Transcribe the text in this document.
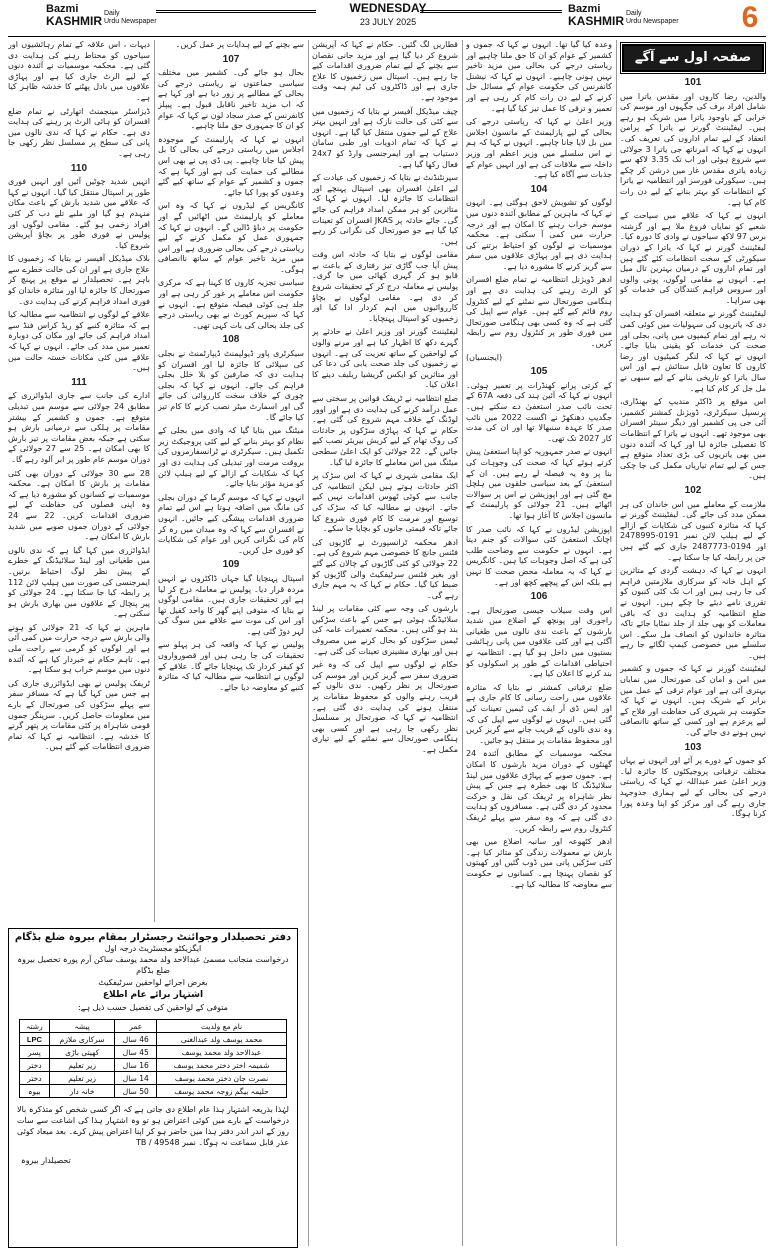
Bazmi
KASHMIR
Daily
Urdu Newspaper
WEDNESDAY
23 JULY 2025
Bazmi
KASHMIR
Daily
Urdu Newspaper 6
صفحہ اول سے آگے
101

والدین، رضا کاروں اور مقدس یاترا میں شامل افراد برف کی جگہوں اور موسم کی خرابی کے باوجود یاترا میں شریک ہو رہے ہیں۔ لیفٹیننٹ گورنر نے یاترا کے پرامن انعقاد کے لیے تمام اداروں کی تعریف کی۔ انہوں نے کہا کہ امرناتھ جی یاترا 3 جولائی سے شروع ہوئی اور اب تک 3.35 لاکھ سے زیادہ یاتری مقدس غار میں درشن کر چکے ہیں۔ سیکورٹی فورسز اور انتظامیہ نے یاترا کے انتظامات کو بہتر بنانے کے لیے دن رات کام کیا ہے۔

انہوں نے کہا کہ علاقے میں سیاحت کے شعبے کو نمایاں فروغ ملا ہے اور گزشتہ برس 97 لاکھ سیاحوں نے وادی کا دورہ کیا۔ لیفٹیننٹ گورنر نے کہا کہ یاترا کے دوران سیکورٹی کے سخت انتظامات کئے گئے ہیں اور تمام اداروں کے درمیان بہترین تال میل ہے۔ انہوں نے مقامی لوگوں، پونی والوں اور سروس فراہم کنندگان کی خدمات کو بھی سراہا۔

لیفٹیننٹ گورنر نے متعلقہ افسران کو ہدایت دی کہ یاتریوں کی سہولیات میں کوئی کمی نہ رہے اور تمام کیمپوں میں پانی، بجلی اور صحت کی خدمات کو یقینی بنایا جائے۔ انہوں نے کہا کہ لنگر کمیٹیوں اور رضا کاروں کا تعاون قابل ستائش ہے اور اس سال یاترا کو تاریخی بنانے کے لیے سبھی نے مل جل کر کام کیا ہے۔

اس موقع پر ڈاکٹر مندیپ کے بھنڈاری، پرنسپل سیکرٹری، ڈویژنل کمشنر کشمیر، آئی جی پی کشمیر اور دیگر سینئر افسران بھی موجود تھے۔ انہوں نے یاترا کے انتظامات کا تفصیلی جائزہ لیا اور کہا کہ آئندہ دنوں میں بھی یاتریوں کی بڑی تعداد متوقع ہے جس کے لیے تمام تیاریاں مکمل کی جا چکی ہیں۔

102

ملازمت کے معاملے میں اس خاندان کی ہر ممکن مدد کی جائے گی۔ لیفٹیننٹ گورنر نے کہا کہ متاثرہ کنبوں کی شکایات کے ازالے کے لیے ہیلپ لائن نمبر 0191-2478995 اور 0194-2487773 جاری کیے گئے ہیں جن پر رابطہ کیا جا سکتا ہے۔

انہوں نے کہا کہ دہشت گردی کے متاثرین کے اہل خانہ کو سرکاری ملازمتیں فراہم کی جا رہی ہیں اور اب تک کئی کنبوں کو تقرری نامے دیئے جا چکے ہیں۔ انہوں نے ضلع انتظامیہ کو ہدایت دی کہ باقی معاملات کو بھی جلد از جلد نمٹایا جائے تاکہ متاثرہ خاندانوں کو انصاف مل سکے۔ اس سلسلے میں خصوصی کیمپ لگائے جا رہے ہیں۔

لیفٹیننٹ گورنر نے کہا کہ جموں و کشمیر میں امن و امان کی صورتحال میں نمایاں بہتری آئی ہے اور عوام ترقی کے عمل میں برابر کے شریک ہیں۔ انہوں نے کہا کہ حکومت ہر شہری کی حفاظت اور فلاح کے لیے پرعزم ہے اور کسی کے ساتھ ناانصافی نہیں ہونے دی جائے گی۔

103

کو جموں کے دورے پر آئے اور انہوں نے یہاں مختلف ترقیاتی پروجیکٹوں کا جائزہ لیا۔ وزیر اعلیٰ عمر عبداللہ نے کہا کہ ریاستی درجے کی بحالی کے لیے ہماری جدوجہد جاری رہے گی اور مرکز کو اپنا وعدہ پورا کرنا ہوگا۔

وعدہ کیا گیا تھا۔ انہوں نے کہا کہ جموں و کشمیر کے عوام کو ان کا حق ملنا چاہیے اور ریاستی درجے کی بحالی میں مزید تاخیر نہیں ہونی چاہیے۔ انہوں نے کہا کہ نیشنل کانفرنس کی حکومت عوام کے مسائل حل کرنے کے لیے دن رات کام کر رہی ہے اور تعمیر و ترقی کا عمل تیز کیا گیا ہے۔

وزیر اعلیٰ نے کہا کہ ریاستی درجے کی بحالی کے لیے پارلیمنٹ کے مانسون اجلاس میں بل لایا جانا چاہیے۔ انہوں نے کہا کہ ہم نے اس سلسلے میں وزیر اعظم اور وزیر داخلہ سے ملاقات کی ہے اور انہیں عوام کے جذبات سے آگاہ کیا ہے۔

104

لوگوں کو تشویش لاحق ہوگئی ہے۔ انہوں نے کہا کہ ماہرین کے مطابق آئندہ دنوں میں موسم خراب رہنے کا امکان ہے اور درجہ حرارت میں کمی آ سکتی ہے۔ محکمہ موسمیات نے لوگوں کو احتیاط برتنے کی ہدایت دی ہے اور پہاڑی علاقوں میں سفر سے گریز کرنے کا مشورہ دیا ہے۔

ادھر ڈویژنل انتظامیہ نے تمام ضلع افسران کو الرٹ رہنے کی ہدایت دی ہے اور ہنگامی صورتحال سے نمٹنے کے لیے کنٹرول روم قائم کیے گئے ہیں۔ عوام سے اپیل کی گئی ہے کہ وہ کسی بھی ہنگامی صورتحال میں فوری طور پر کنٹرول روم سے رابطہ کریں۔

(ایجنسیاں)
105

کے کرتی پرانے کھنڈرات پر تعمیر ہوئی۔ انہوں نے کہا کہ آئین ہند کی دفعہ 67A کے تحت نائب صدر استعفیٰ دے سکتے ہیں۔ جگدیپ دھنکھڑ نے اگست 2022 میں نائب صدر کا عہدہ سنبھالا تھا اور ان کی مدت کار 2027 تک تھی۔

انہوں نے صدر جمہوریہ کو اپنا استعفیٰ پیش کرتے ہوئے کہا کہ صحت کی وجوہات کی بنا پر وہ یہ فیصلہ لے رہے ہیں۔ ان کے استعفیٰ کے بعد سیاسی حلقوں میں ہلچل مچ گئی ہے اور اپوزیشن نے اس پر سوالات اٹھائے ہیں۔ 21 جولائی کو پارلیمنٹ کے مانسون اجلاس کا آغاز ہوا تھا۔

اپوزیشن لیڈروں نے کہا کہ نائب صدر کا اچانک استعفیٰ کئی سوالات کو جنم دیتا ہے۔ انہوں نے حکومت سے وضاحت طلب کی ہے کہ اصل وجوہات کیا ہیں۔ کانگریس نے کہا کہ یہ معاملہ محض صحت کا نہیں ہے بلکہ اس کے پیچھے کچھ اور ہے۔

106

اس وقت سیلاب جیسی صورتحال ہے۔ راجوری اور پونچھ کے اضلاع میں شدید بارشوں کے باعث ندی نالوں میں طغیانی آگئی ہے اور کئی علاقوں میں پانی رہائشی بستیوں میں داخل ہو گیا ہے۔ انتظامیہ نے احتیاطی اقدامات کے طور پر اسکولوں کو بند کرنے کا اعلان کیا ہے۔

ضلع ترقیاتی کمشنر نے بتایا کہ متاثرہ علاقوں میں راحت رسانی کا کام جاری ہے اور ایس ڈی آر ایف کی ٹیمیں تعینات کی گئی ہیں۔ انہوں نے لوگوں سے اپیل کی کہ وہ ندی نالوں کے قریب جانے سے گریز کریں اور محفوظ مقامات پر منتقل ہو جائیں۔

محکمہ موسمیات کے مطابق آئندہ 24 گھنٹوں کے دوران مزید بارشوں کا امکان ہے۔ جموں صوبے کے پہاڑی علاقوں میں لینڈ سلائیڈنگ کا بھی خطرہ ہے جس کے پیش نظر شاہراہ پر ٹریفک کی نقل و حرکت محدود کر دی گئی ہے۔ مسافروں کو ہدایت دی گئی ہے کہ وہ سفر سے پہلے ٹریفک کنٹرول روم سے رابطہ کریں۔

ادھر کٹھوعہ اور سانبہ اضلاع میں بھی بارش نے معمولات زندگی کو متاثر کیا ہے۔ کئی سڑکیں پانی میں ڈوب گئیں اور کھیتوں کو نقصان پہنچا ہے۔ کسانوں نے حکومت سے معاوضہ کا مطالبہ کیا ہے۔

قطاریں لگ گئیں۔ حکام نے کہا کہ آپریشن شروع کر دیا گیا ہے اور مزید جانی نقصان سے بچنے کے لیے تمام ضروری اقدامات کیے جا رہے ہیں۔ اسپتال میں زخمیوں کا علاج جاری ہے اور ڈاکٹروں کی ٹیم ہمہ وقت موجود ہے۔

چیف میڈیکل آفیسر نے بتایا کہ زخمیوں میں سے کئی کی حالت نازک ہے اور انہیں بہتر علاج کے لیے جموں منتقل کیا گیا ہے۔ انہوں نے کہا کہ تمام ادویات اور طبی سامان دستیاب ہے اور ایمرجنسی وارڈ کو 24x7 فعال رکھا گیا ہے۔

سپرنٹنڈنٹ نے بتایا کہ زخمیوں کی عیادت کے لیے اعلیٰ افسران بھی اسپتال پہنچے اور انتظامات کا جائزہ لیا۔ انہوں نے کہا کہ متاثرین کو ہر ممکن امداد فراہم کی جائے گی۔ جائے حادثہ پر JKAS افسران کو تعینات کیا گیا ہے جو صورتحال کی نگرانی کر رہے ہیں۔

مقامی لوگوں نے بتایا کہ حادثہ اس وقت پیش آیا جب گاڑی تیز رفتاری کے باعث بے قابو ہو کر گہری کھائی میں جا گری۔ پولیس نے معاملہ درج کر کے تحقیقات شروع کر دی ہے۔ مقامی لوگوں نے بچاؤ کارروائیوں میں اہم کردار ادا کیا اور زخمیوں کو اسپتال پہنچایا۔

لیفٹیننٹ گورنر اور وزیر اعلیٰ نے حادثے پر گہرے دکھ کا اظہار کیا ہے اور مرنے والوں کے لواحقین کے ساتھ تعزیت کی ہے۔ انہوں نے زخمیوں کی جلد صحت یابی کی دعا کی اور متاثرین کو ایکس گریشیا ریلیف دینے کا اعلان کیا۔

ضلع انتظامیہ نے ٹریفک قوانین پر سختی سے عمل درآمد کرنے کی ہدایت دی ہے اور اوور لوڈنگ کے خلاف مہم شروع کی گئی ہے۔ حکام نے کہا کہ پہاڑی سڑکوں پر حادثات کی روک تھام کے لیے کریش بیریئر نصب کیے جائیں گے۔ 22 جولائی کو ایک اعلیٰ سطحی میٹنگ میں اس معاملے کا جائزہ لیا گیا۔

ایک مقامی شہری نے کہا کہ اس سڑک پر اکثر حادثات ہوتے ہیں لیکن انتظامیہ کی جانب سے کوئی ٹھوس اقدامات نہیں کیے جاتے۔ انہوں نے مطالبہ کیا کہ سڑک کی توسیع اور مرمت کا کام فوری شروع کیا جائے تاکہ قیمتی جانوں کو بچایا جا سکے۔

ادھر محکمہ ٹرانسپورٹ نے گاڑیوں کی فٹنس جانچ کا خصوصی مہم شروع کی ہے۔ 22 جولائی کو کئی گاڑیوں کے چالان کیے گئے اور بغیر فٹنس سرٹیفکیٹ والی گاڑیوں کو ضبط کیا گیا۔ حکام نے کہا کہ یہ مہم جاری رہے گی۔

بارشوں کی وجہ سے کئی مقامات پر لینڈ سلائیڈنگ ہوئی ہے جس کے باعث سڑکیں بند ہو گئی ہیں۔ محکمہ تعمیرات عامہ کی ٹیمیں سڑکوں کو بحال کرنے میں مصروف ہیں اور بھاری مشینری تعینات کی گئی ہے۔

حکام نے لوگوں سے اپیل کی کہ وہ غیر ضروری سفر سے گریز کریں اور موسم کی صورتحال پر نظر رکھیں۔ ندی نالوں کے قریب رہنے والوں کو محفوظ مقامات پر منتقل ہونے کی ہدایت دی گئی ہے۔ انتظامیہ نے کہا کہ صورتحال پر مسلسل نظر رکھی جا رہی ہے اور کسی بھی ہنگامی صورتحال سے نمٹنے کے لیے تیاری مکمل ہے۔

سے بچنے کے لیے ہدایات پر عمل کریں۔

107

بحال ہو جائے گی۔ کشمیر میں مختلف سیاسی جماعتوں نے ریاستی درجے کی بحالی کے مطالبے پر زور دیا ہے اور کہا ہے کہ اب مزید تاخیر ناقابل قبول ہے۔ پیپلز کانفرنس کے صدر سجاد لون نے کہا کہ عوام کو ان کا جمہوری حق ملنا چاہیے۔

انہوں نے کہا کہ پارلیمنٹ کے موجودہ اجلاس میں ریاستی درجے کی بحالی کا بل پیش کیا جانا چاہیے۔ پی ڈی پی نے بھی اس مطالبے کی حمایت کی ہے اور کہا ہے کہ جموں و کشمیر کے عوام کے ساتھ کیے گئے وعدوں کو پورا کیا جائے۔

کانگریس کے لیڈروں نے کہا کہ وہ اس معاملے کو پارلیمنٹ میں اٹھائیں گے اور حکومت پر دباؤ ڈالیں گے۔ انہوں نے کہا کہ جمہوری عمل کو مکمل کرنے کے لیے ریاستی درجے کی بحالی ضروری ہے اور اس میں مزید تاخیر عوام کے ساتھ ناانصافی ہوگی۔

سیاسی تجزیہ کاروں کا کہنا ہے کہ مرکزی حکومت اس معاملے پر غور کر رہی ہے اور جلد ہی کوئی فیصلہ متوقع ہے۔ انہوں نے کہا کہ سپریم کورٹ نے بھی ریاستی درجے کی جلد بحالی کی بات کہی تھی۔

108

سیکرٹری پاور ڈیولپمنٹ ڈیپارٹمنٹ نے بجلی کی سپلائی کا جائزہ لیا اور افسران کو ہدایت دی کہ صارفین کو بلا خلل بجلی فراہم کی جائے۔ انہوں نے کہا کہ بجلی چوری کے خلاف سخت کارروائی کی جائے گی اور اسمارٹ میٹر نصب کرنے کا کام تیز کیا جائے گا۔

میٹنگ میں بتایا گیا کہ وادی میں بجلی کے نظام کو بہتر بنانے کے لیے کئی پروجیکٹ زیر تکمیل ہیں۔ سیکرٹری نے ٹرانسفارمروں کی بروقت مرمت اور تبدیلی کی ہدایت دی اور کہا کہ شکایات کے ازالے کے لیے ہیلپ لائن کو مزید مؤثر بنایا جائے۔

انہوں نے کہا کہ موسم گرما کے دوران بجلی کی مانگ میں اضافہ ہوتا ہے اس لیے تمام ضروری اقدامات پیشگی کیے جائیں۔ انہوں نے افسران سے کہا کہ وہ میدان میں رہ کر کام کی نگرانی کریں اور عوام کی شکایات کو فوری حل کریں۔

109

اسپتال پہنچایا گیا جہاں ڈاکٹروں نے انہیں مردہ قرار دیا۔ پولیس نے معاملہ درج کر لیا ہے اور تحقیقات جاری ہیں۔ مقامی لوگوں نے بتایا کہ متوفی اپنے گھر کا واحد کفیل تھا اور اس کی موت سے علاقے میں سوگ کی لہر دوڑ گئی ہے۔

پولیس نے کہا کہ واقعہ کی ہر پہلو سے تحقیقات کی جا رہی ہیں اور قصورواروں کو کیفر کردار تک پہنچایا جائے گا۔ علاقے کے لوگوں نے انتظامیہ سے مطالبہ کیا کہ متاثرہ کنبے کو معاوضہ دیا جائے۔

دیہات ، اس علاقہ کے تمام رہائشیوں اور سیاحوں کو محتاط رہنے کی ہدایت دی گئی ہے۔ محکمہ موسمیات نے آئندہ دنوں کے لیے الرٹ جاری کیا ہے اور پہاڑی علاقوں میں بادل پھٹنے کا خدشہ ظاہر کیا ہے۔

ڈیزاسٹر مینجمنٹ اتھارٹی نے تمام ضلع افسران کو ہائی الرٹ پر رہنے کی ہدایت دی ہے۔ حکام نے کہا کہ ندی نالوں میں پانی کی سطح پر مسلسل نظر رکھی جا رہی ہے۔

110

انہیں شدید چوٹیں آئیں اور انہیں فوری طور پر اسپتال منتقل کیا گیا۔ انہوں نے کہا کہ علاقے میں شدید بارش کے باعث مکان منہدم ہو گیا اور ملبے تلے دب کر کئی افراد زخمی ہو گئے۔ مقامی لوگوں اور پولیس نے فوری طور پر بچاؤ آپریشن شروع کیا۔

بلاک میڈیکل آفیسر نے بتایا کہ زخمیوں کا علاج جاری ہے اور ان کی حالت خطرے سے باہر ہے۔ تحصیلدار نے موقع پر پہنچ کر صورتحال کا جائزہ لیا اور متاثرہ خاندان کو فوری امداد فراہم کرنے کی ہدایت دی۔

علاقے کے لوگوں نے انتظامیہ سے مطالبہ کیا ہے کہ متاثرہ کنبے کو ریڈ کراس فنڈ سے امداد فراہم کی جائے اور مکان کی دوبارہ تعمیر میں مدد کی جائے۔ انہوں نے کہا کہ علاقے میں کئی مکانات خستہ حالت میں ہیں۔

111

ادارے کی جانب سے جاری ایڈوائزری کے مطابق 24 جولائی سے موسم میں تبدیلی متوقع ہے۔ جموں و کشمیر کے بیشتر مقامات پر ہلکی سے درمیانی بارش ہو سکتی ہے جبکہ بعض مقامات پر تیز بارش کا بھی امکان ہے۔ 25 سے 27 جولائی کے دوران موسم عام طور پر ابر آلود رہے گا۔

28 سے 30 جولائی کے دوران بھی کئی مقامات پر بارش کا امکان ہے۔ محکمہ موسمیات نے کسانوں کو مشورہ دیا ہے کہ وہ اپنی فصلوں کی حفاظت کے لیے ضروری اقدامات کریں۔ 22 سے 24 جولائی کے دوران جموں صوبے میں شدید بارش کا امکان ہے۔

ایڈوائزری میں کہا گیا ہے کہ ندی نالوں میں طغیانی اور لینڈ سلائیڈنگ کے خطرے کے پیش نظر لوگ احتیاط برتیں۔ ایمرجنسی کی صورت میں ہیلپ لائن 112 پر رابطہ کیا جا سکتا ہے۔ 24 جولائی کو پیر پنچال کے علاقوں میں بھاری بارش ہو سکتی ہے۔

ماہرین نے کہا کہ 21 جولائی کو ہونے والی بارش سے درجہ حرارت میں کمی آئی ہے اور لوگوں کو گرمی سے راحت ملی ہے۔ تاہم حکام نے خبردار کیا ہے کہ آئندہ دنوں میں موسم خراب ہو سکتا ہے۔

ٹریفک پولیس نے بھی ایڈوائزری جاری کی ہے جس میں کہا گیا ہے کہ مسافر سفر سے پہلے سڑکوں کی صورتحال کے بارے میں معلومات حاصل کریں۔ سرینگر جموں قومی شاہراہ پر کئی مقامات پر پتھر گرنے کا خدشہ ہے۔ انتظامیہ نے کہا کہ تمام ضروری انتظامات کیے گئے ہیں۔

دفتر تحصیلدار وجوائنٹ رجسٹرار بمقام بیروہ ضلع بڈگام
ایگزیکٹو مجسٹریٹ درجہ اول
درخواست منجانب مسمیٰ عبدالاحد ولد محمد یوسف ساکن آرم پورہ تحصیل بیروہ ضلع بڈگام
بغرض اجرائے لواحقین سرٹیفکیٹ
اشتہار برائے عام اطلاع
متوفی کے لواحقین کی تفصیل حسب ذیل ہے:
نام مع ولدیت	عمر	پیشہ	رشتہ
محمد یوسف ولد عبدالغنی	46 سال	سرکاری ملازم	LPC
عبدالاحد ولد محمد یوسف	45 سال	کھیتی باڑی	پسر
شمیمہ اختر دختر محمد یوسف	16 سال	زیر تعلیم	دختر
نصرت جان دختر محمد یوسف	14 سال	زیر تعلیم	دختر
حلیمہ بیگم زوجہ محمد یوسف	50 سال	خانہ دار	بیوہ
لہٰذا بذریعہ اشتہار ہذا عام اطلاع دی جاتی ہے کہ اگر کسی شخص کو متذکرہ بالا درخواست کے بارے میں کوئی اعتراض ہو تو وہ اشتہار ہذا کی اشاعت سے سات روز کے اندر اندر دفتر ہذا میں حاضر ہو کر اپنا اعتراض پیش کرے۔ بعد میعاد کوئی عذر قابل سماعت نہ ہوگا۔ نمبر 49548 / TB
تحصیلدار بیروہ
